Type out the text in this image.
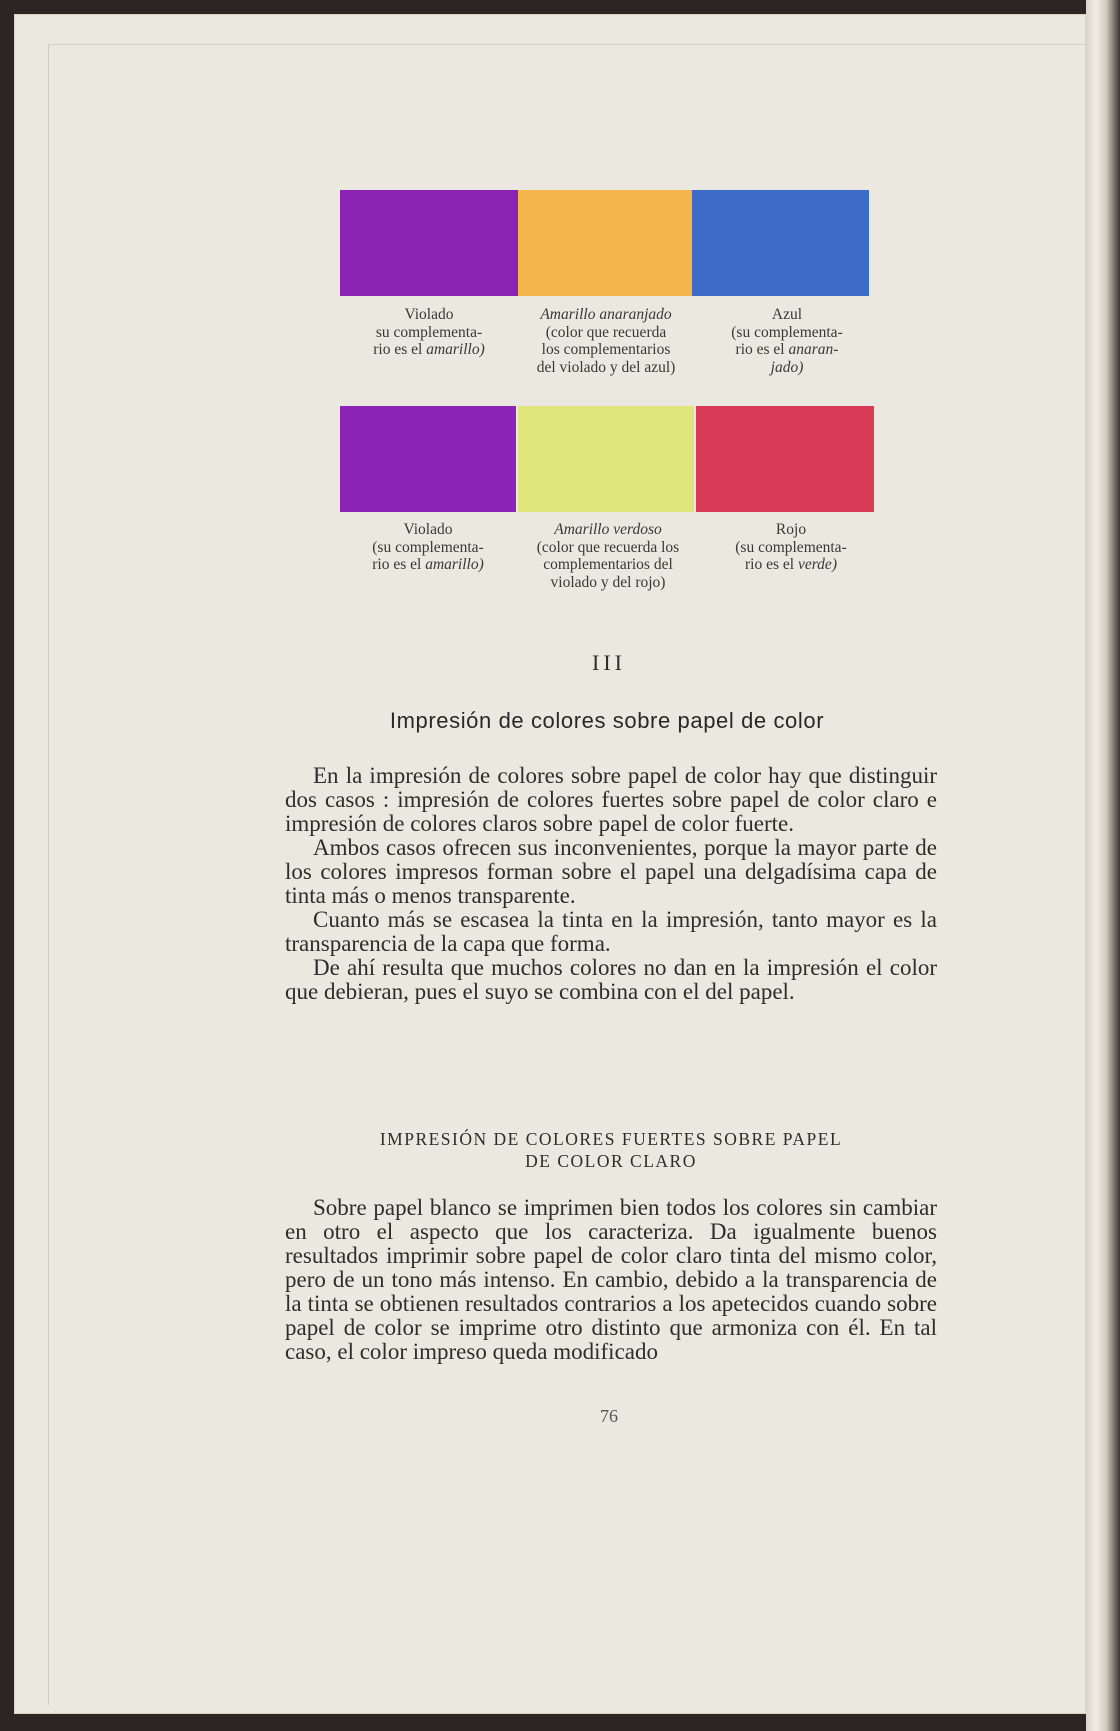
Violado
su complementa-
rio es el amarillo)
Amarillo anaranjado
(color que recuerda
los complementarios
del violado y del azul)
Azul
(su complementa-
rio es el anaran-
jado)
Violado
(su complementa-
rio es el amarillo)
Amarillo verdoso
(color que recuerda los
complementarios del
violado y del rojo)
Rojo
(su complementa-
rio es el verde)
III
Impresión de colores sobre papel de color

En la impresión de colores sobre papel de color hay que distinguir dos casos : impresión de colores fuertes sobre papel de color claro e impresión de colores claros sobre papel de color fuerte.

Ambos casos ofrecen sus inconvenientes, porque la mayor parte de los colores impresos forman sobre el papel una delgadísima capa de tinta más o menos transparente.

Cuanto más se escasea la tinta en la impresión, tanto mayor es la transparencia de la capa que forma.

De ahí resulta que muchos colores no dan en la impresión el color que debieran, pues el suyo se combina con el del papel.

IMPRESIÓN DE COLORES FUERTES SOBRE PAPEL
DE COLOR CLARO

Sobre papel blanco se imprimen bien todos los colores sin cambiar en otro el aspecto que los caracteriza. Da igualmente buenos resultados imprimir sobre papel de color claro tinta del mismo color, pero de un tono más intenso. En cambio, debido a la transparencia de la tinta se obtienen resultados contrarios a los apetecidos cuando sobre papel de color se imprime otro distinto que armoniza con él. En tal caso, el color impreso queda modificado

76
